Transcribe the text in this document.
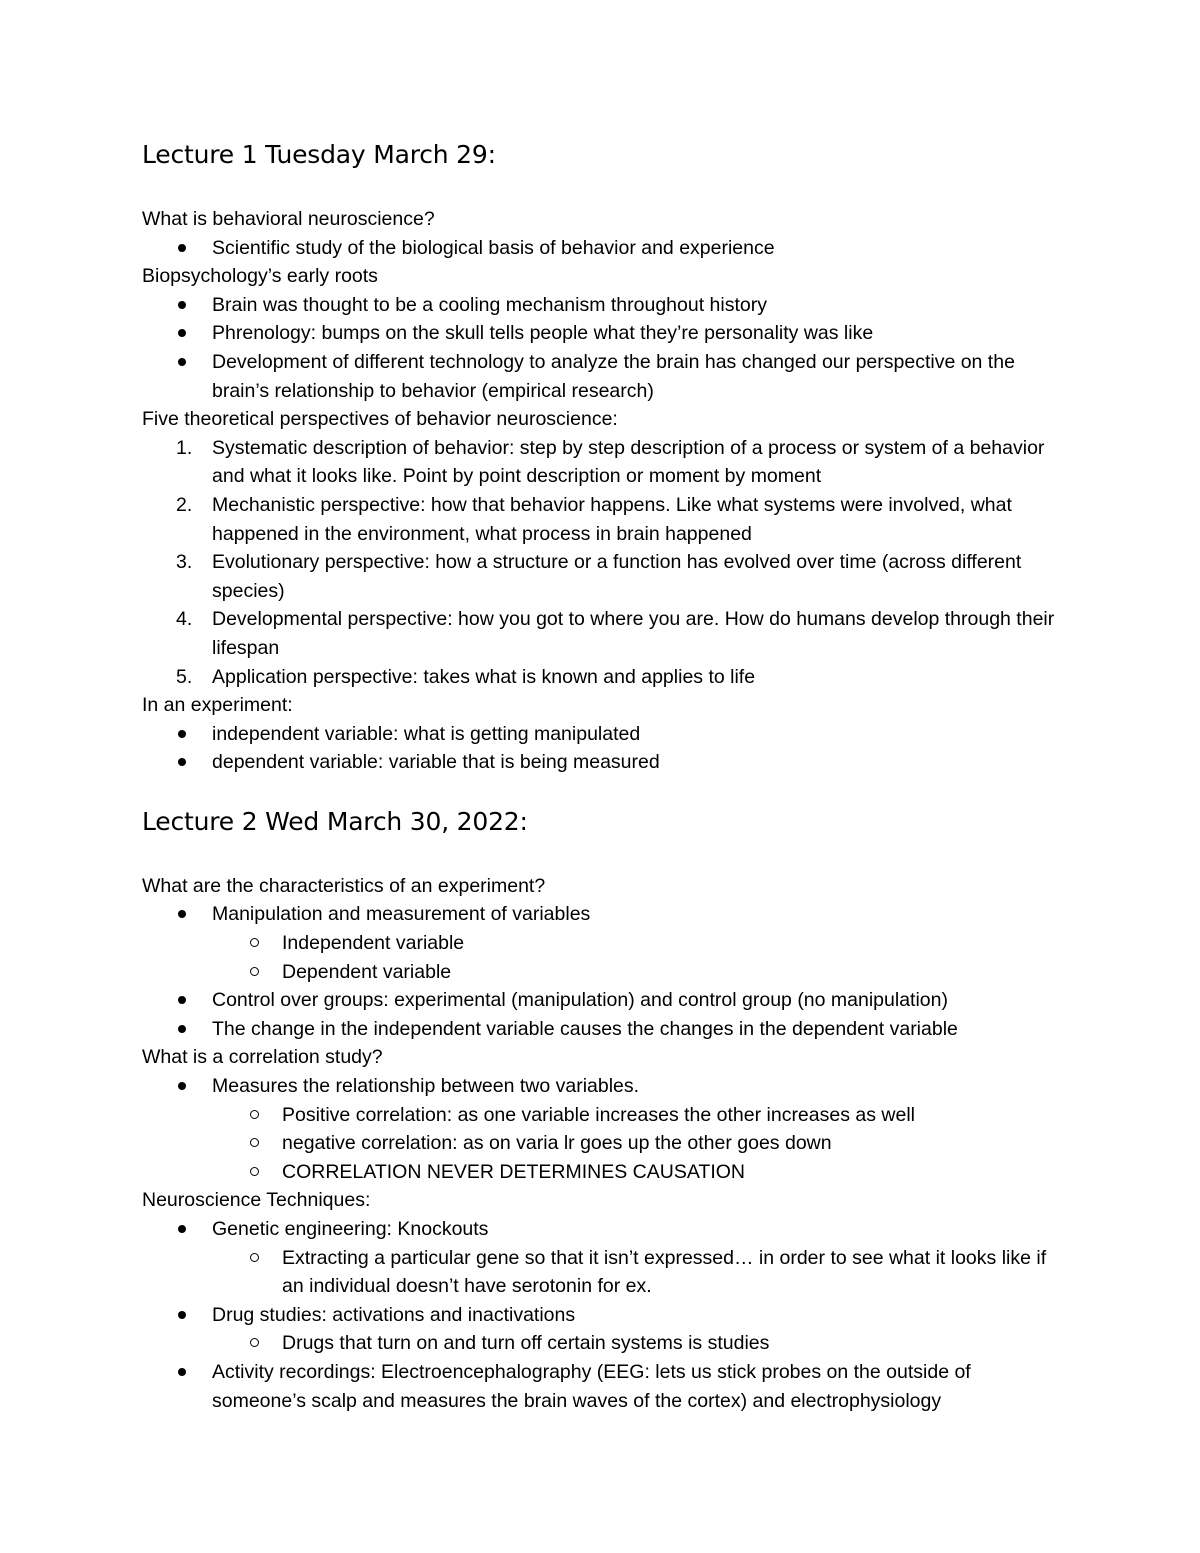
Lecture 1 Tuesday March 29:

What is behavioral neuroscience?

Scientific study of the biological basis of behavior and experience

Biopsychology’s early roots

Brain was thought to be a cooling mechanism throughout history

Phrenology: bumps on the skull tells people what they’re personality was like

Development of different technology to analyze the brain has changed our perspective on the brain’s relationship to behavior (empirical research)

Five theoretical perspectives of behavior neuroscience:

1. Systematic description of behavior: step by step description of a process or system of a behavior and what it looks like. Point by point description or moment by moment

2. Mechanistic perspective: how that behavior happens. Like what systems were involved, what happened in the environment, what process in brain happened

3. Evolutionary perspective: how a structure or a function has evolved over time (across different species)

4. Developmental perspective: how you got to where you are. How do humans develop through their lifespan

5. Application perspective: takes what is known and applies to life

In an experiment:

independent variable: what is getting manipulated

dependent variable: variable that is being measured

Lecture 2 Wed March 30, 2022:

What are the characteristics of an experiment?

Manipulation and measurement of variables

Independent variable

Dependent variable

Control over groups: experimental (manipulation) and control group (no manipulation)

The change in the independent variable causes the changes in the dependent variable

What is a correlation study?

Measures the relationship between two variables.

Positive correlation: as one variable increases the other increases as well

negative correlation: as on varia lr goes up the other goes down

CORRELATION NEVER DETERMINES CAUSATION

Neuroscience Techniques:

Genetic engineering: Knockouts

Extracting a particular gene so that it isn’t expressed… in order to see what it looks like if an individual doesn’t have serotonin for ex.

Drug studies: activations and inactivations

Drugs that turn on and turn off certain systems is studies

Activity recordings: Electroencephalography (EEG: lets us stick probes on the outside of someone’s scalp and measures the brain waves of the cortex) and electrophysiology
